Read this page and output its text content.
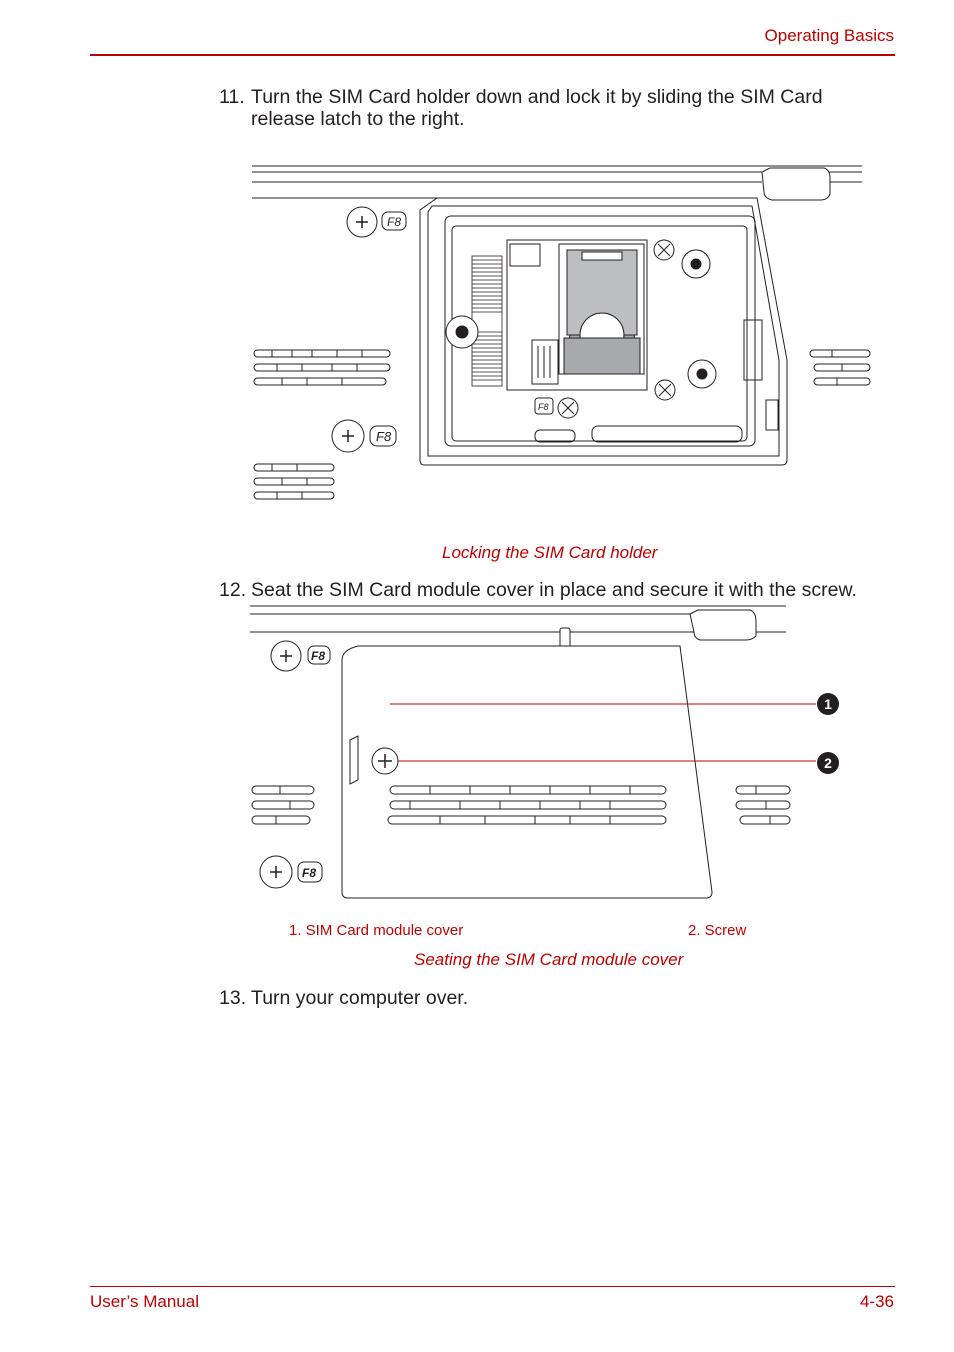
Operating Basics
11. Turn the SIM Card holder down and lock it by sliding the SIM Card release latch to the right.
F8
F8
F8
Locking the SIM Card holder
12. Seat the SIM Card module cover in place and secure it with the screw.
F8
F8
1
2
1. SIM Card module cover	2. Screw
Seating the SIM Card module cover
13. Turn your computer over.
User’s Manual	4-36
